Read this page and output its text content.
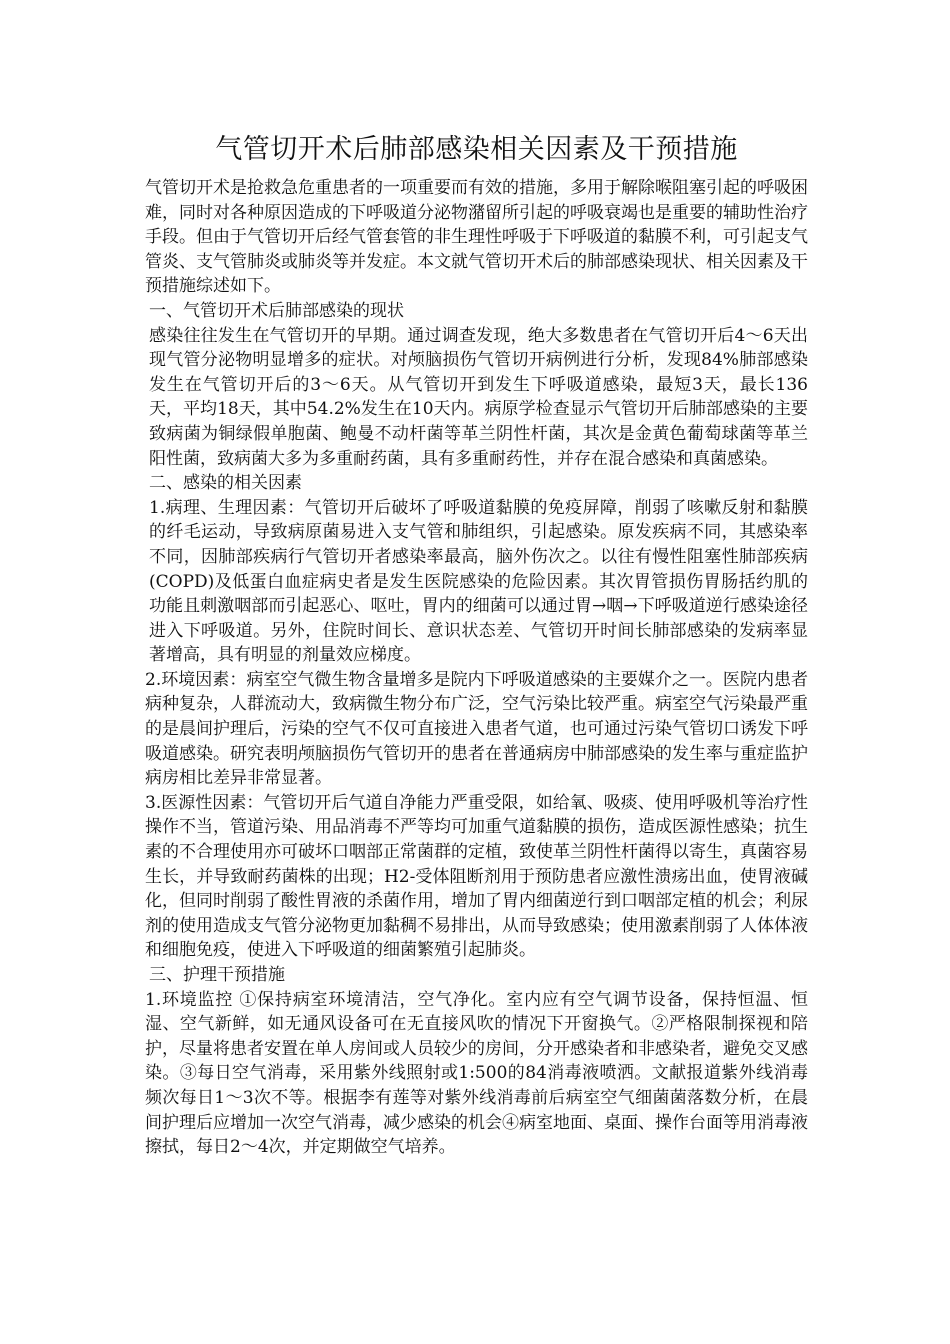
气管切开术后肺部感染相关因素及干预措施

气管切开术是抢救急危重患者的一项重要而有效的措施，多用于解除喉阻塞引起的呼吸困难，同时对各种原因造成的下呼吸道分泌物潴留所引起的呼吸衰竭也是重要的辅助性治疗手段。但由于气管切开后经气管套管的非生理性呼吸于下呼吸道的黏膜不利，可引起支气管炎、支气管肺炎或肺炎等并发症。本文就气管切开术后的肺部感染现状、相关因素及干预措施综述如下。

一、气管切开术后肺部感染的现状

感染往往发生在气管切开的早期。通过调查发现，绝大多数患者在气管切开后4～6天出现气管分泌物明显增多的症状。对颅脑损伤气管切开病例进行分析，发现84%肺部感染发生在气管切开后的3～6天。从气管切开到发生下呼吸道感染，最短3天，最长136天，平均18天，其中54.2%发生在10天内。病原学检查显示气管切开后肺部感染的主要致病菌为铜绿假单胞菌、鲍曼不动杆菌等革兰阴性杆菌，其次是金黄色葡萄球菌等革兰阳性菌，致病菌大多为多重耐药菌，具有多重耐药性，并存在混合感染和真菌感染。

二、感染的相关因素

1.病理、生理因素：气管切开后破坏了呼吸道黏膜的免疫屏障，削弱了咳嗽反射和黏膜的纤毛运动，导致病原菌易进入支气管和肺组织，引起感染。原发疾病不同，其感染率不同，因肺部疾病行气管切开者感染率最高，脑外伤次之。以往有慢性阻塞性肺部疾病(COPD)及低蛋白血症病史者是发生医院感染的危险因素。其次胃管损伤胃肠括约肌的功能且刺激咽部而引起恶心、呕吐，胃内的细菌可以通过胃→咽→下呼吸道逆行感染途径进入下呼吸道。另外，住院时间长、意识状态差、气管切开时间长肺部感染的发病率显著增高，具有明显的剂量效应梯度。

2.环境因素：病室空气微生物含量增多是院内下呼吸道感染的主要媒介之一。医院内患者病种复杂，人群流动大，致病微生物分布广泛，空气污染比较严重。病室空气污染最严重的是晨间护理后，污染的空气不仅可直接进入患者气道，也可通过污染气管切口诱发下呼吸道感染。研究表明颅脑损伤气管切开的患者在普通病房中肺部感染的发生率与重症监护病房相比差异非常显著。

3.医源性因素：气管切开后气道自净能力严重受限，如给氧、吸痰、使用呼吸机等治疗性操作不当，管道污染、用品消毒不严等均可加重气道黏膜的损伤，造成医源性感染；抗生素的不合理使用亦可破坏口咽部正常菌群的定植，致使革兰阴性杆菌得以寄生，真菌容易生长，并导致耐药菌株的出现；H2-受体阻断剂用于预防患者应激性溃疡出血，使胃液碱化，但同时削弱了酸性胃液的杀菌作用，增加了胃内细菌逆行到口咽部定植的机会；利尿剂的使用造成支气管分泌物更加黏稠不易排出，从而导致感染；使用激素削弱了人体体液和细胞免疫，使进入下呼吸道的细菌繁殖引起肺炎。

三、护理干预措施

1.环境监控 ①保持病室环境清洁，空气净化。室内应有空气调节设备，保持恒温、恒湿、空气新鲜，如无通风设备可在无直接风吹的情况下开窗换气。②严格限制探视和陪护，尽量将患者安置在单人房间或人员较少的房间，分开感染者和非感染者，避免交叉感染。③每日空气消毒，采用紫外线照射或1:500的84消毒液喷洒。文献报道紫外线消毒频次每日1～3次不等。根据李有莲等对紫外线消毒前后病室空气细菌菌落数分析，在晨间护理后应增加一次空气消毒，减少感染的机会④病室地面、桌面、操作台面等用消毒液擦拭，每日2～4次，并定期做空气培养。
